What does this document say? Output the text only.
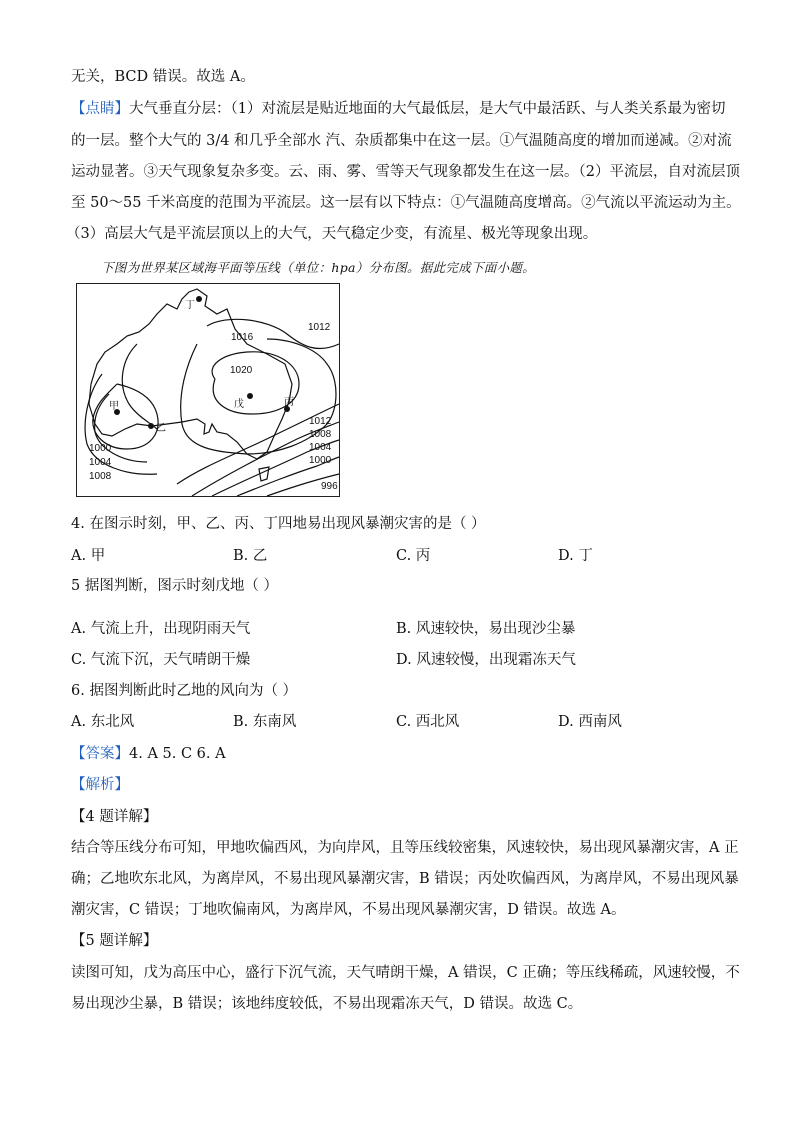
无关，BCD 错误。故选 A。
【点睛】大气垂直分层：（1）对流层是贴近地面的大气最低层，是大气中最活跃、与人类关系最为密切
的一层。整个大气的 3/4 和几乎全部水 汽、杂质都集中在这一层。①气温随高度的增加而递减。②对流
运动显著。③天气现象复杂多变。云、雨、雾、雪等天气现象都发生在这一层。（2）平流层，自对流层顶
至 50～55 千米高度的范围为平流层。这一层有以下特点：①气温随高度增高。②气流以平流运动为主。
（3）高层大气是平流层顶以上的大气，天气稳定少变，有流星、极光等现象出现。
下图为世界某区域海平面等压线（单位：hpa）分布图。据此完成下面小题。
甲
乙
丙
丁
戊
1012
1016
1020
1012
1008
1004
1000
1000
1004
1008
996
4. 在图示时刻，甲、乙、丙、丁四地易出现风暴潮灾害的是（ ）
A. 甲	B. 乙	C. 丙	D. 丁
5 据图判断，图示时刻戊地（ ）
A. 气流上升，出现阴雨天气	B. 风速较快，易出现沙尘暴
C. 气流下沉，天气晴朗干燥	D. 风速较慢，出现霜冻天气
6. 据图判断此时乙地的风向为（ ）
A. 东北风	B. 东南风	C. 西北风	D. 西南风
【答案】4. A 5. C 6. A
【解析】
【4 题详解】
结合等压线分布可知，甲地吹偏西风，为向岸风，且等压线较密集，风速较快，易出现风暴潮灾害，A 正
确；乙地吹东北风，为离岸风，不易出现风暴潮灾害，B 错误；丙处吹偏西风，为离岸风，不易出现风暴
潮灾害，C 错误；丁地吹偏南风，为离岸风，不易出现风暴潮灾害，D 错误。故选 A。
【5 题详解】
读图可知，戊为高压中心，盛行下沉气流，天气晴朗干燥，A 错误，C 正确；等压线稀疏，风速较慢，不
易出现沙尘暴，B 错误；该地纬度较低，不易出现霜冻天气，D 错误。故选 C。
